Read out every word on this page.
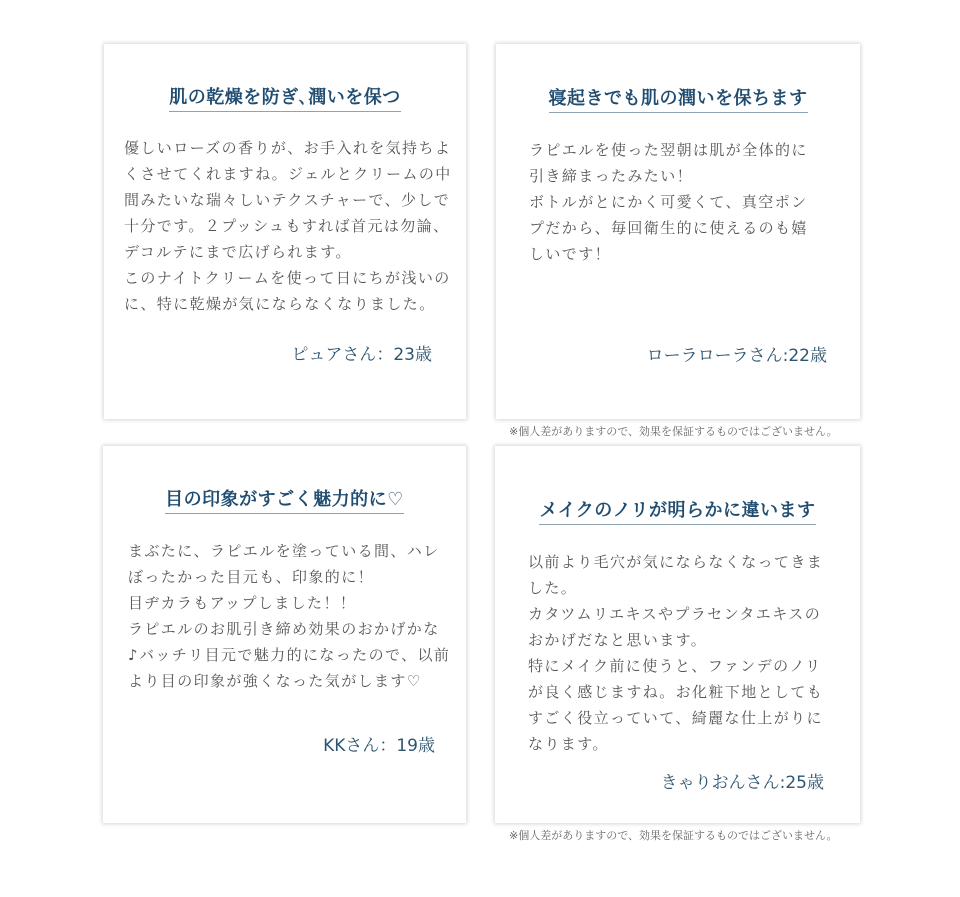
肌の乾燥を防ぎ､潤いを保つ
優しいローズの香りが、お手入れを気持ちよ
くさせてくれますね。ジェルとクリームの中
間みたいな瑞々しいテクスチャーで、少しで
十分です。２プッシュもすれば首元は勿論、
デコルテにまで広げられます。
このナイトクリームを使って日にちが浅いの
に、特に乾燥が気にならなくなりました。
ピュアさん：23歳
寝起きでも肌の潤いを保ちます
ラピエルを使った翌朝は肌が全体的に
引き締まったみたい！
ボトルがとにかく可愛くて、真空ポン
プだから、毎回衛生的に使えるのも嬉
しいです！
ローラローラさん:22歳
※個人差がありますので、効果を保証するものではございません。
目の印象がすごく魅力的に♡
まぶたに、ラピエルを塗っている間、ハレ
ぼったかった目元も、印象的に！
目ヂカラもアップしました！！
ラピエルのお肌引き締め効果のおかげかな
♪バッチリ目元で魅力的になったので、以前
より目の印象が強くなった気がします♡
KKさん：19歳
メイクのノリが明らかに違います
以前より毛穴が気にならなくなってきま
した。
カタツムリエキスやプラセンタエキスの
おかげだなと思います。
特にメイク前に使うと、ファンデのノリ
が良く感じますね。お化粧下地としても
すごく役立っていて、綺麗な仕上がりに
なります。
きゃりおんさん:25歳
※個人差がありますので、効果を保証するものではございません。
